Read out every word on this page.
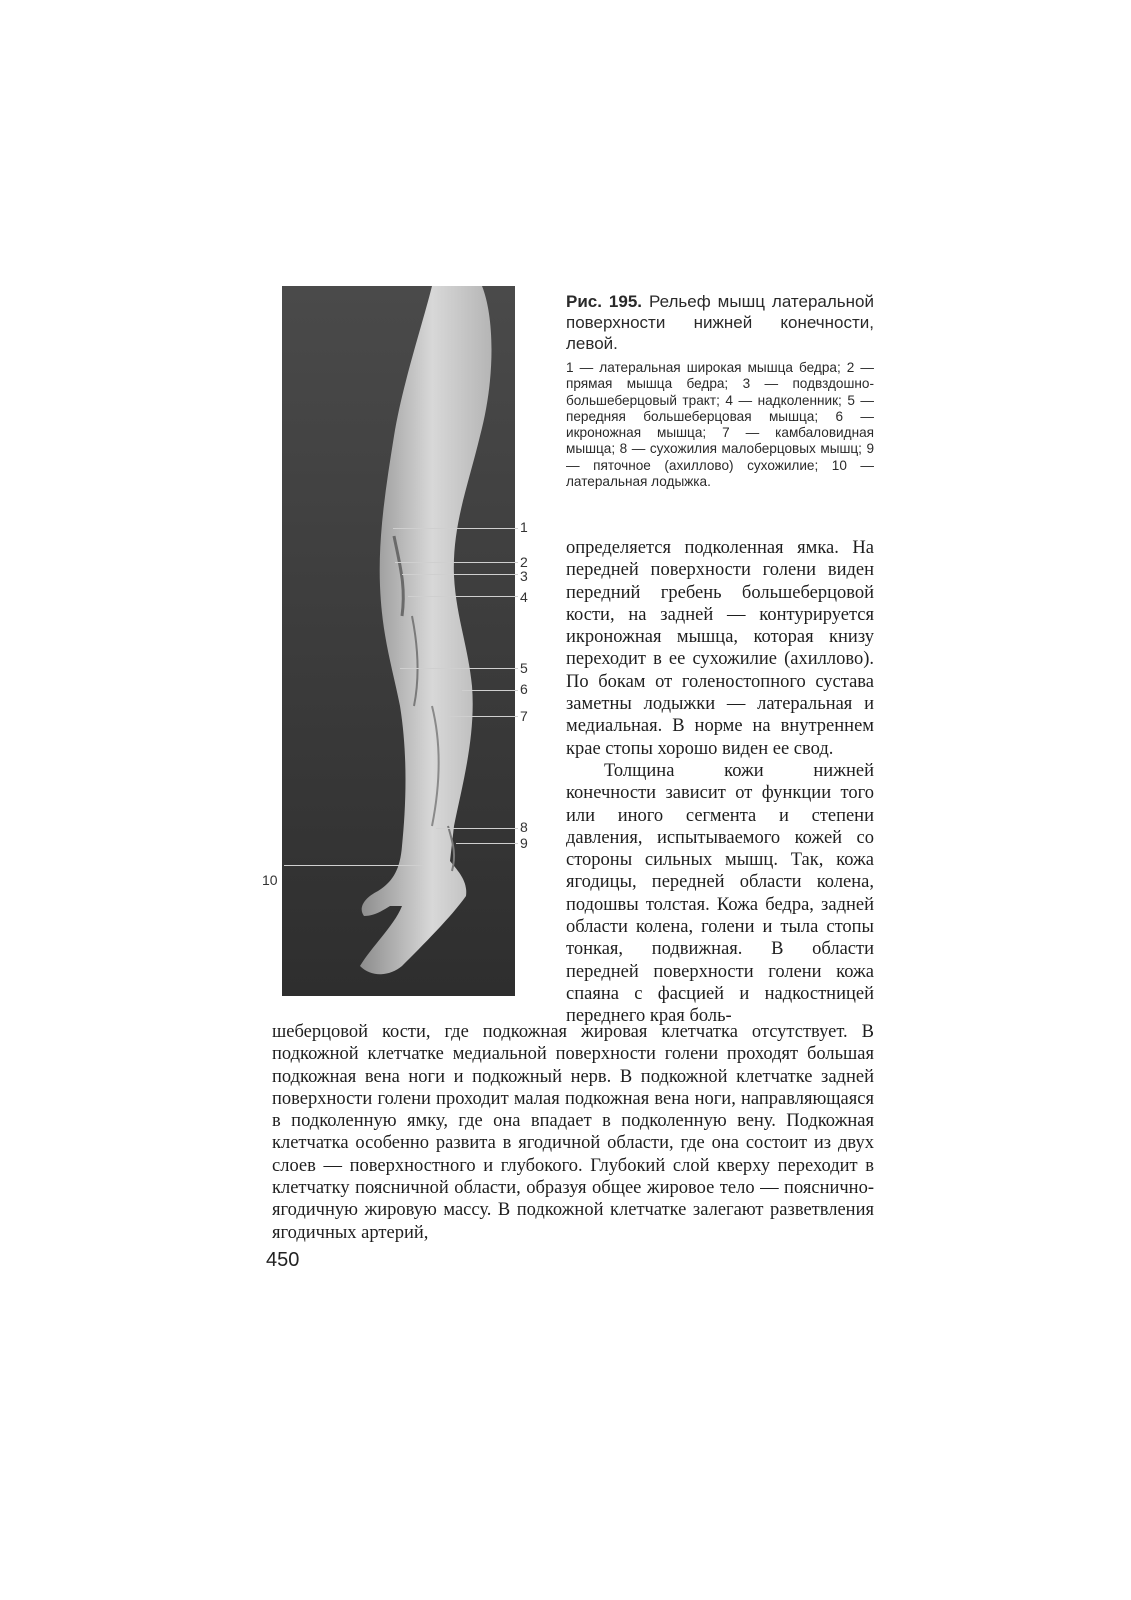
1
2
3
4
5
6
7
8
9
10

Рис. 195. Рельеф мышц латеральной поверхности нижней конечности, левой.

1 — латеральная широкая мышца бедра; 2 — прямая мышца бедра; 3 — подвздошно-большеберцовый тракт; 4 — надколенник; 5 — передняя большеберцовая мышца; 6 — икроножная мышца; 7 — камбаловидная мышца; 8 — сухожилия малоберцовых мышц; 9 — пяточное (ахиллово) сухожилие; 10 — латеральная лодыжка.

определяется подколенная ямка. На передней поверхности голени виден передний гребень большеберцовой кости, на задней — контурируется икроножная мышца, которая книзу переходит в ее сухожилие (ахиллово). По бокам от голеностопного сустава заметны лодыжки — латеральная и медиальная. В норме на внутреннем крае стопы хорошо виден ее свод.

Толщина кожи нижней конечности зависит от функции того или иного сегмента и степени давления, испытываемого кожей со стороны сильных мышц. Так, кожа ягодицы, передней области колена, подошвы толстая. Кожа бедра, задней области колена, голени и тыла стопы тонкая, подвижная. В области передней поверхности голени кожа спаяна с фасцией и надкостницей переднего края боль-

шеберцовой кости, где подкожная жировая клетчатка отсутствует. В подкожной клетчатке медиальной поверхности голени проходят большая подкожная вена ноги и подкожный нерв. В подкожной клетчатке задней поверхности голени проходит малая подкожная вена ноги, направляющаяся в подколенную ямку, где она впадает в подколенную вену. Подкожная клетчатка особенно развита в ягодичной области, где она состоит из двух слоев — поверхностного и глубокого. Глубокий слой кверху переходит в клетчатку поясничной области, образуя общее жировое тело — пояснично-ягодичную жировую массу. В подкожной клетчатке залегают разветвления ягодичных артерий,

450
